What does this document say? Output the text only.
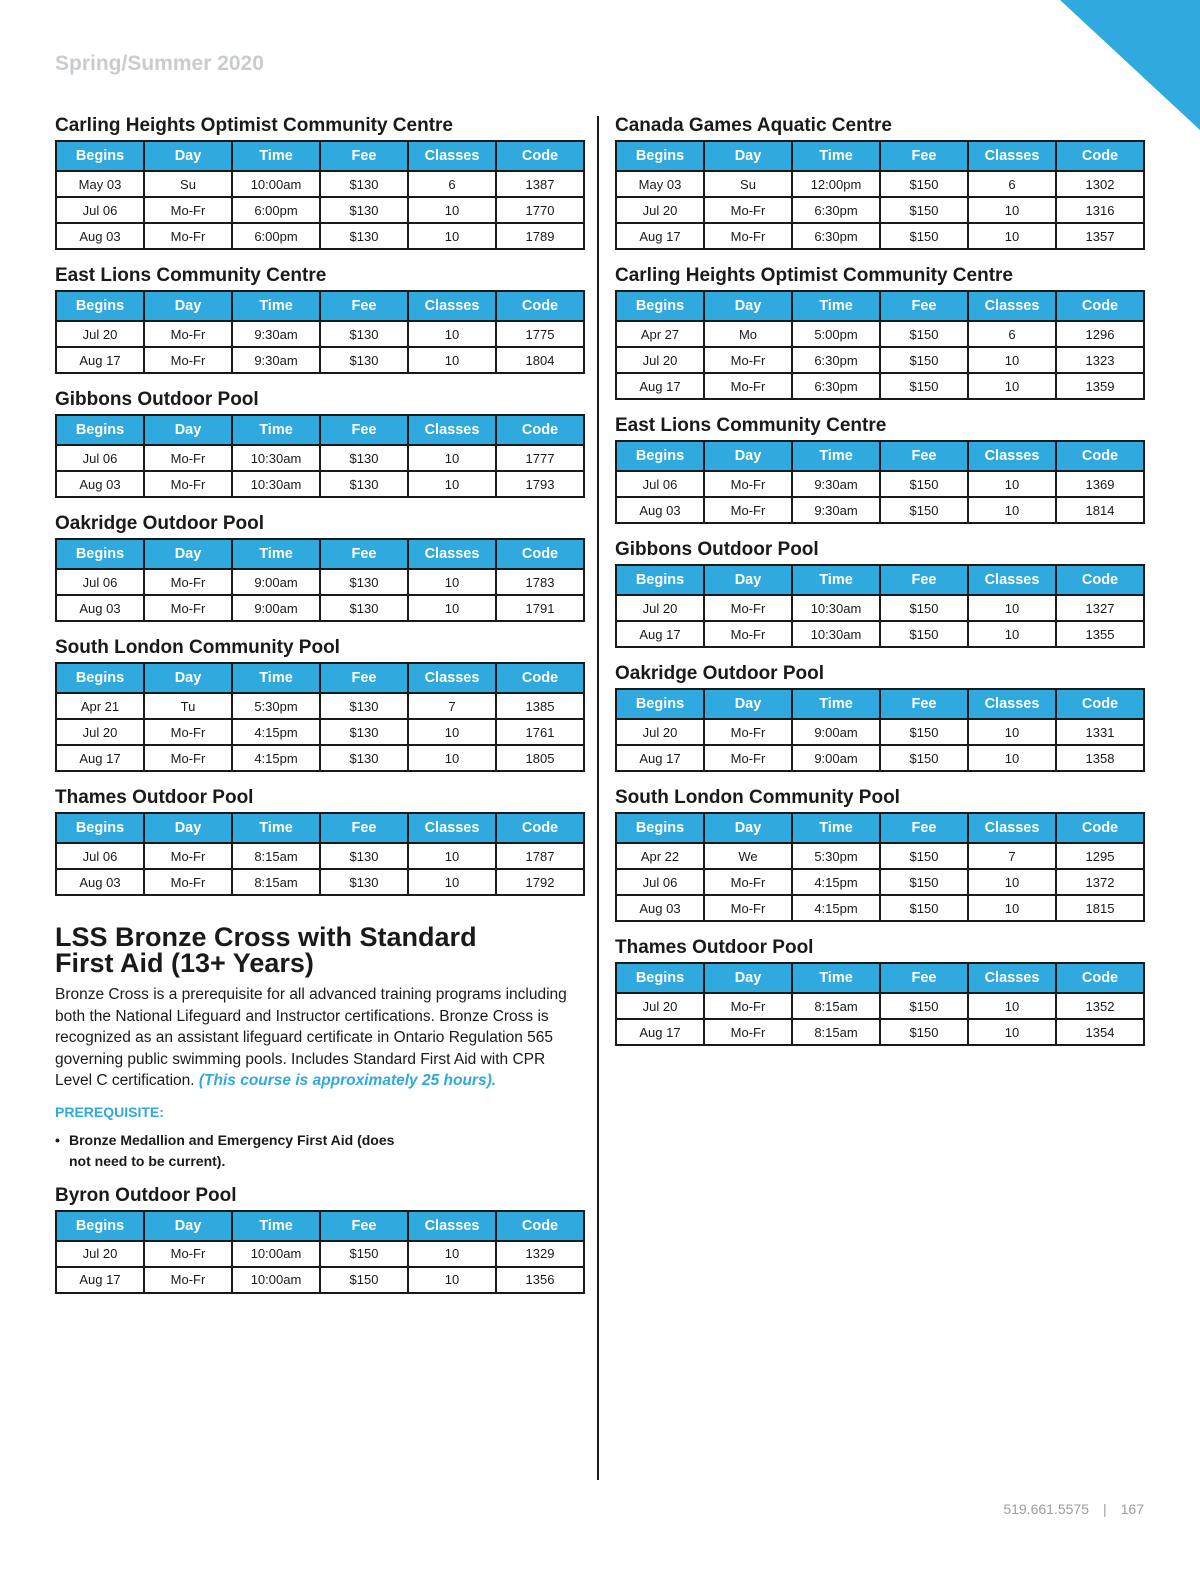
Spring/Summer 2020
Carling Heights Optimist Community Centre
Begins	Day	Time	Fee	Classes	Code
May 03	Su	10:00am	$130	6	1387
Jul 06	Mo-Fr	6:00pm	$130	10	1770
Aug 03	Mo-Fr	6:00pm	$130	10	1789
East Lions Community Centre
Begins	Day	Time	Fee	Classes	Code
Jul 20	Mo-Fr	9:30am	$130	10	1775
Aug 17	Mo-Fr	9:30am	$130	10	1804
Gibbons Outdoor Pool
Begins	Day	Time	Fee	Classes	Code
Jul 06	Mo-Fr	10:30am	$130	10	1777
Aug 03	Mo-Fr	10:30am	$130	10	1793
Oakridge Outdoor Pool
Begins	Day	Time	Fee	Classes	Code
Jul 06	Mo-Fr	9:00am	$130	10	1783
Aug 03	Mo-Fr	9:00am	$130	10	1791
South London Community Pool
Begins	Day	Time	Fee	Classes	Code
Apr 21	Tu	5:30pm	$130	7	1385
Jul 20	Mo-Fr	4:15pm	$130	10	1761
Aug 17	Mo-Fr	4:15pm	$130	10	1805
Thames Outdoor Pool
Begins	Day	Time	Fee	Classes	Code
Jul 06	Mo-Fr	8:15am	$130	10	1787
Aug 03	Mo-Fr	8:15am	$130	10	1792
LSS Bronze Cross with Standard
First Aid (13+ Years)

Bronze Cross is a prerequisite for all advanced training programs including both the National Lifeguard and Instructor certifications. Bronze Cross is recognized as an assistant lifeguard certificate in Ontario Regulation 565 governing public swimming pools. Includes Standard First Aid with CPR Level C certification. (This course is approximately 25 hours).

PREREQUISITE:
• Bronze Medallion and Emergency First Aid (does not need to be current).
Byron Outdoor Pool
Begins	Day	Time	Fee	Classes	Code
Jul 20	Mo-Fr	10:00am	$150	10	1329
Aug 17	Mo-Fr	10:00am	$150	10	1356
Canada Games Aquatic Centre
Begins	Day	Time	Fee	Classes	Code
May 03	Su	12:00pm	$150	6	1302
Jul 20	Mo-Fr	6:30pm	$150	10	1316
Aug 17	Mo-Fr	6:30pm	$150	10	1357
Carling Heights Optimist Community Centre
Begins	Day	Time	Fee	Classes	Code
Apr 27	Mo	5:00pm	$150	6	1296
Jul 20	Mo-Fr	6:30pm	$150	10	1323
Aug 17	Mo-Fr	6:30pm	$150	10	1359
East Lions Community Centre
Begins	Day	Time	Fee	Classes	Code
Jul 06	Mo-Fr	9:30am	$150	10	1369
Aug 03	Mo-Fr	9:30am	$150	10	1814
Gibbons Outdoor Pool
Begins	Day	Time	Fee	Classes	Code
Jul 20	Mo-Fr	10:30am	$150	10	1327
Aug 17	Mo-Fr	10:30am	$150	10	1355
Oakridge Outdoor Pool
Begins	Day	Time	Fee	Classes	Code
Jul 20	Mo-Fr	9:00am	$150	10	1331
Aug 17	Mo-Fr	9:00am	$150	10	1358
South London Community Pool
Begins	Day	Time	Fee	Classes	Code
Apr 22	We	5:30pm	$150	7	1295
Jul 06	Mo-Fr	4:15pm	$150	10	1372
Aug 03	Mo-Fr	4:15pm	$150	10	1815
Thames Outdoor Pool
Begins	Day	Time	Fee	Classes	Code
Jul 20	Mo-Fr	8:15am	$150	10	1352
Aug 17	Mo-Fr	8:15am	$150	10	1354
519.661.5575 | 167
